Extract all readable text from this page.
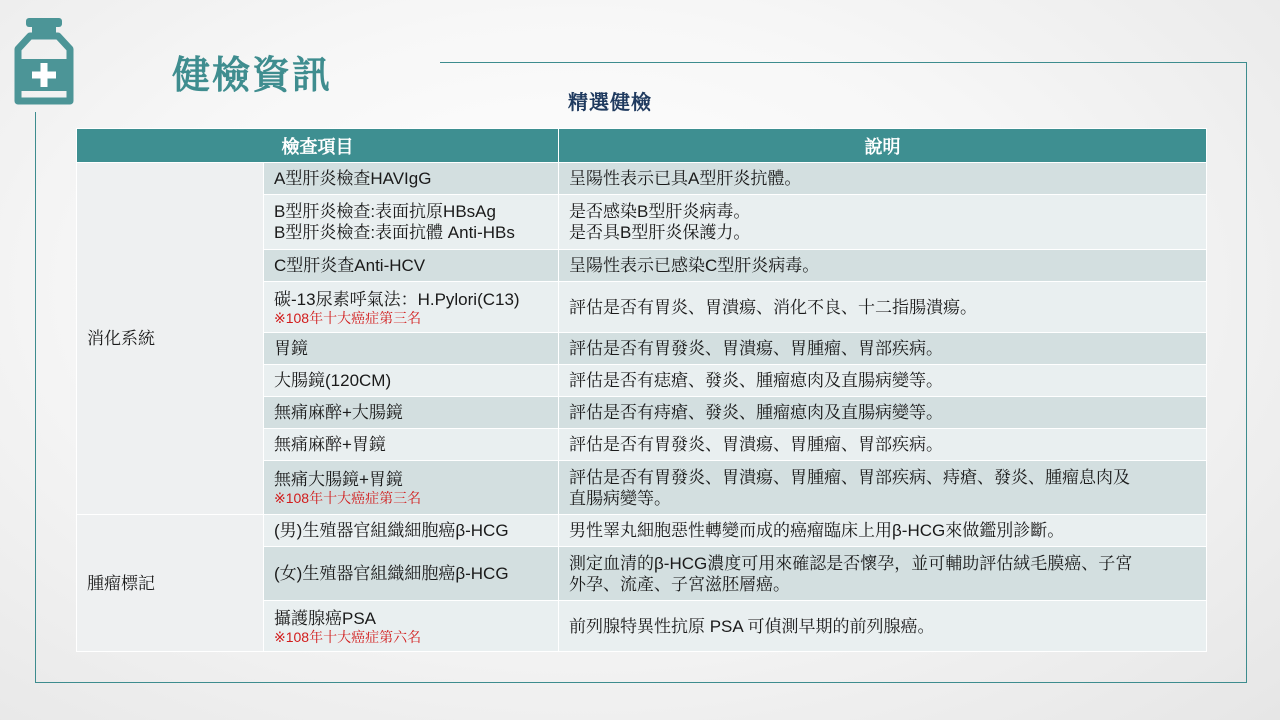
健檢資訊
精選健檢
檢查項目		說明
消化系統	A型肝炎檢查HAVIgG	呈陽性表示已具A型肝炎抗體。

	B型肝炎檢查:表面抗原HBsAg
B型肝炎檢查:表面抗體 Anti-HBs	是否感染B型肝炎病毒。
是否具B型肝炎保護力。

	C型肝炎查Anti-HCV	呈陽性表示已感染C型肝炎病毒。

	碳-13尿素呼氣法：H.Pylori(C13)
※108年十大癌症第三名	評估是否有胃炎、胃潰瘍、消化不良、十二指腸潰瘍。

	胃鏡	評估是否有胃發炎、胃潰瘍、胃腫瘤、胃部疾病。

	大腸鏡(120CM)	評估是否有痣瘡、發炎、腫瘤瘜肉及直腸病變等。

	無痛麻醉+大腸鏡	評估是否有痔瘡、發炎、腫瘤瘜肉及直腸病變等。

	無痛麻醉+胃鏡	評估是否有胃發炎、胃潰瘍、胃腫瘤、胃部疾病。

	無痛大腸鏡+胃鏡
※108年十大癌症第三名	評估是否有胃發炎、胃潰瘍、胃腫瘤、胃部疾病、痔瘡、發炎、腫瘤息肉及
直腸病變等。

腫瘤標記	(男)生殖器官組織細胞癌β-HCG	男性睪丸細胞惡性轉變而成的癌瘤臨床上用β-HCG來做鑑別診斷。

	(女)生殖器官組織細胞癌β-HCG	測定血清的β-HCG濃度可用來確認是否懷孕，並可輔助評估絨毛膜癌、子宮
外孕、流產、子宮滋胚層癌。

	攝護腺癌PSA
※108年十大癌症第六名	前列腺特異性抗原 PSA 可偵測早期的前列腺癌。
